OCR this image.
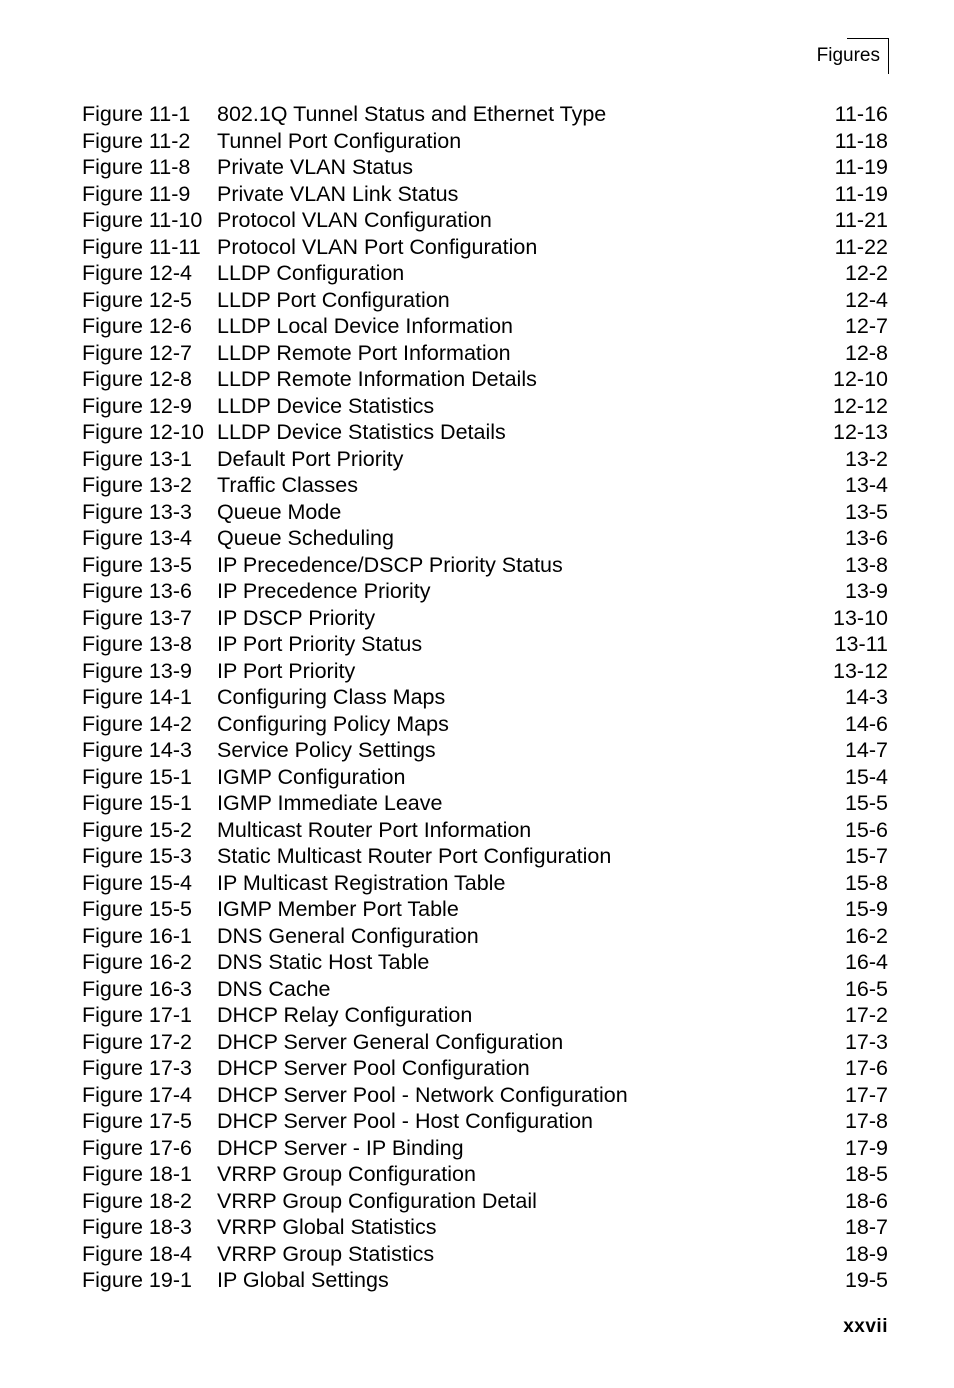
Figures
Figure 11-1	802.1Q Tunnel Status and Ethernet Type	11-16
Figure 11-2	Tunnel Port Configuration	11-18
Figure 11-8	Private VLAN Status	11-19
Figure 11-9	Private VLAN Link Status	11-19
Figure 11-10 Protocol VLAN Configuration	11-21
Figure 11-11 Protocol VLAN Port Configuration	11-22
Figure 12-4	LLDP Configuration	12-2
Figure 12-5	LLDP Port Configuration	12-4
Figure 12-6	LLDP Local Device Information	12-7
Figure 12-7	LLDP Remote Port Information	12-8
Figure 12-8	LLDP Remote Information Details	12-10
Figure 12-9	LLDP Device Statistics	12-12
Figure 12-10 LLDP Device Statistics Details	12-13
Figure 13-1	Default Port Priority	13-2
Figure 13-2	Traffic Classes	13-4
Figure 13-3	Queue Mode	13-5
Figure 13-4	Queue Scheduling	13-6
Figure 13-5	IP Precedence/DSCP Priority Status	13-8
Figure 13-6	IP Precedence Priority	13-9
Figure 13-7	IP DSCP Priority	13-10
Figure 13-8	IP Port Priority Status	13-11
Figure 13-9	IP Port Priority	13-12
Figure 14-1	Configuring Class Maps	14-3
Figure 14-2	Configuring Policy Maps	14-6
Figure 14-3	Service Policy Settings	14-7
Figure 15-1	IGMP Configuration	15-4
Figure 15-1	IGMP Immediate Leave	15-5
Figure 15-2	Multicast Router Port Information	15-6
Figure 15-3	Static Multicast Router Port Configuration	15-7
Figure 15-4	IP Multicast Registration Table	15-8
Figure 15-5	IGMP Member Port Table	15-9
Figure 16-1	DNS General Configuration	16-2
Figure 16-2	DNS Static Host Table	16-4
Figure 16-3	DNS Cache	16-5
Figure 17-1	DHCP Relay Configuration	17-2
Figure 17-2	DHCP Server General Configuration	17-3
Figure 17-3	DHCP Server Pool Configuration	17-6
Figure 17-4	DHCP Server Pool - Network Configuration	17-7
Figure 17-5	DHCP Server Pool - Host Configuration	17-8
Figure 17-6	DHCP Server - IP Binding	17-9
Figure 18-1	VRRP Group Configuration	18-5
Figure 18-2	VRRP Group Configuration Detail	18-6
Figure 18-3	VRRP Global Statistics	18-7
Figure 18-4	VRRP Group Statistics	18-9
Figure 19-1	IP Global Settings	19-5
xxvii
